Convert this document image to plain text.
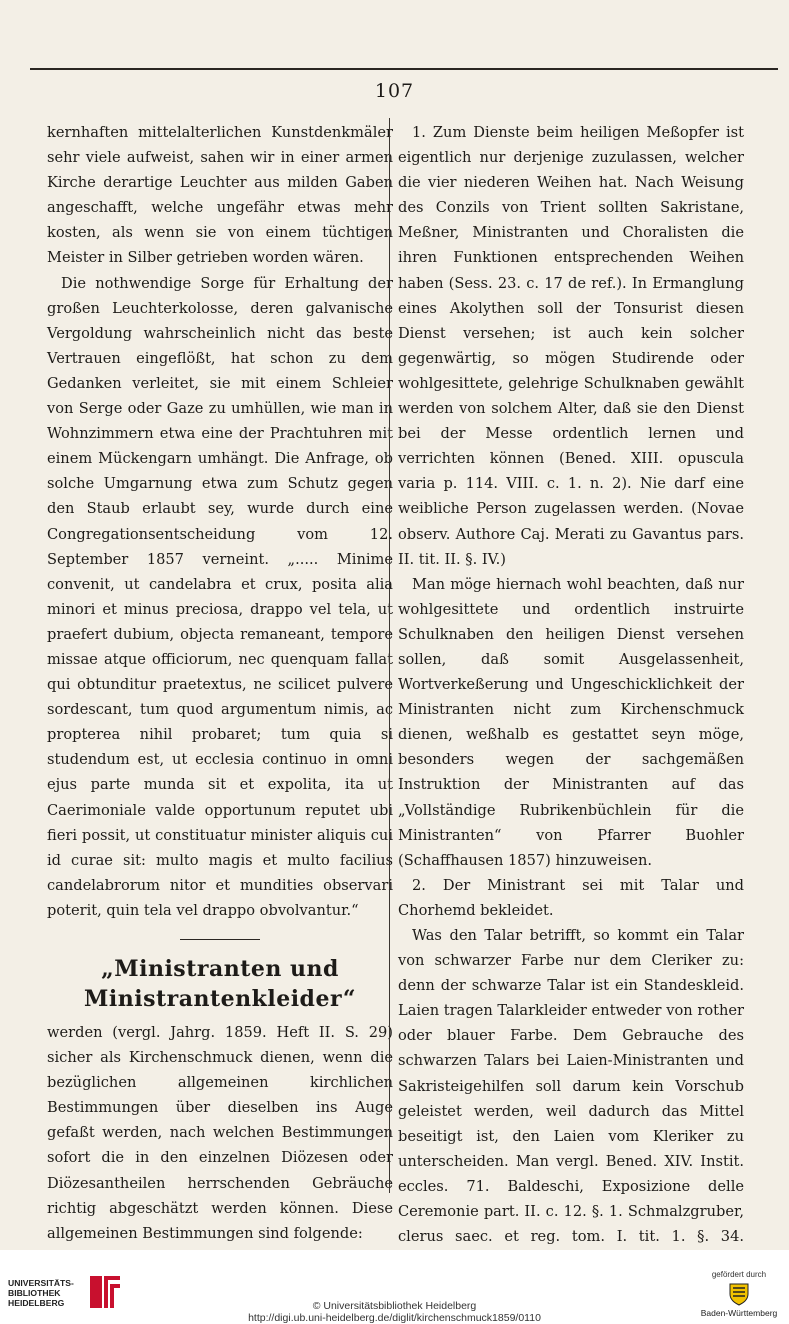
107

kernhaften mittelalterlichen Kunstdenkmäler sehr viele aufweist, sahen wir in einer armen Kirche derartige Leuchter aus milden Gaben angeschafft, welche ungefähr etwas mehr kosten, als wenn sie von einem tüchtigen Meister in Silber getrieben worden wären.

Die nothwendige Sorge für Erhaltung der großen Leuchterkolosse, deren galvanische Vergoldung wahrscheinlich nicht das beste Vertrauen eingeflößt, hat schon zu dem Gedanken verleitet, sie mit einem Schleier von Serge oder Gaze zu umhüllen, wie man in Wohnzimmern etwa eine der Prachtuhren mit einem Mückengarn umhängt. Die Anfrage, ob solche Umgarnung etwa zum Schutz gegen den Staub erlaubt sey, wurde durch eine Congregationsentscheidung vom 12. September 1857 verneint. „..... Minime convenit, ut candelabra et crux, posita alia minori et minus preciosa, drappo vel tela, ut praefert dubium, objecta remaneant, tempore missae atque officiorum, nec quenquam fallat qui obtunditur praetextus, ne scilicet pulvere sordescant, tum quod argumentum nimis, ac propterea nihil probaret; tum quia si studendum est, ut ecclesia continuo in omni ejus parte munda sit et expolita, ita ut Caerimoniale valde opportunum reputet ubi fieri possit, ut constituatur minister aliquis cui id curae sit: multo magis et multo facilius candelabrorum nitor et mundities observari poterit, quin tela vel drappo obvolvantur.“

„Ministranten und Ministrantenkleider“

werden (vergl. Jahrg. 1859. Heft II. S. 29) sicher als Kirchenschmuck dienen, wenn die bezüglichen allgemeinen kirchlichen Bestimmungen über dieselben ins Auge gefaßt werden, nach welchen Bestimmungen sofort die in den einzelnen Diözesen oder Diözesantheilen herrschenden Gebräuche richtig abgeschätzt werden können. Diese allgemeinen Bestimmungen sind folgende:

1. Zum Dienste beim heiligen Meßopfer ist eigentlich nur derjenige zuzulassen, welcher die vier niederen Weihen hat. Nach Weisung des Conzils von Trient sollten Sakristane, Meßner, Ministranten und Choralisten die ihren Funktionen entsprechenden Weihen haben (Sess. 23. c. 17 de ref.). In Ermanglung eines Akolythen soll der Tonsurist diesen Dienst versehen; ist auch kein solcher gegenwärtig, so mögen Studirende oder wohlgesittete, gelehrige Schulknaben gewählt werden von solchem Alter, daß sie den Dienst bei der Messe ordentlich lernen und verrichten können (Bened. XIII. opuscula varia p. 114. VIII. c. 1. n. 2). Nie darf eine weibliche Person zugelassen werden. (Novae observ. Authore Caj. Merati zu Gavantus pars. II. tit. II. §. IV.)

Man möge hiernach wohl beachten, daß nur wohlgesittete und ordentlich instruirte Schulknaben den heiligen Dienst versehen sollen, daß somit Ausgelassenheit, Wortverkeßerung und Ungeschicklichkeit der Ministranten nicht zum Kirchenschmuck dienen, weßhalb es gestattet seyn möge, besonders wegen der sachgemäßen Instruktion der Ministranten auf das „Vollständige Rubrikenbüchlein für die Ministranten“ von Pfarrer Buohler (Schaffhausen 1857) hinzuweisen.

2. Der Ministrant sei mit Talar und Chorhemd bekleidet.

Was den Talar betrifft, so kommt ein Talar von schwarzer Farbe nur dem Cleriker zu: denn der schwarze Talar ist ein Standeskleid. Laien tragen Talarkleider entweder von rother oder blauer Farbe. Dem Gebrauche des schwarzen Talars bei Laien-Ministranten und Sakristeigehilfen soll darum kein Vorschub geleistet werden, weil dadurch das Mittel beseitigt ist, den Laien vom Kleriker zu unterscheiden. Man vergl. Bened. XIV. Instit. eccles. 71. Baldeschi, Exposizione delle Ceremonie part. II. c. 12. §. 1. Schmalzgruber, clerus saec. et reg. tom. I. tit. 1. §. 34.

UNIVERSITÄTS-
BIBLIOTHEK
HEIDELBERG	© Universitätsbibliothek Heidelberg
http://digi.ub.uni-heidelberg.de/diglit/kirchenschmuck1859/0110
gefördert durch
Baden-Württemberg
